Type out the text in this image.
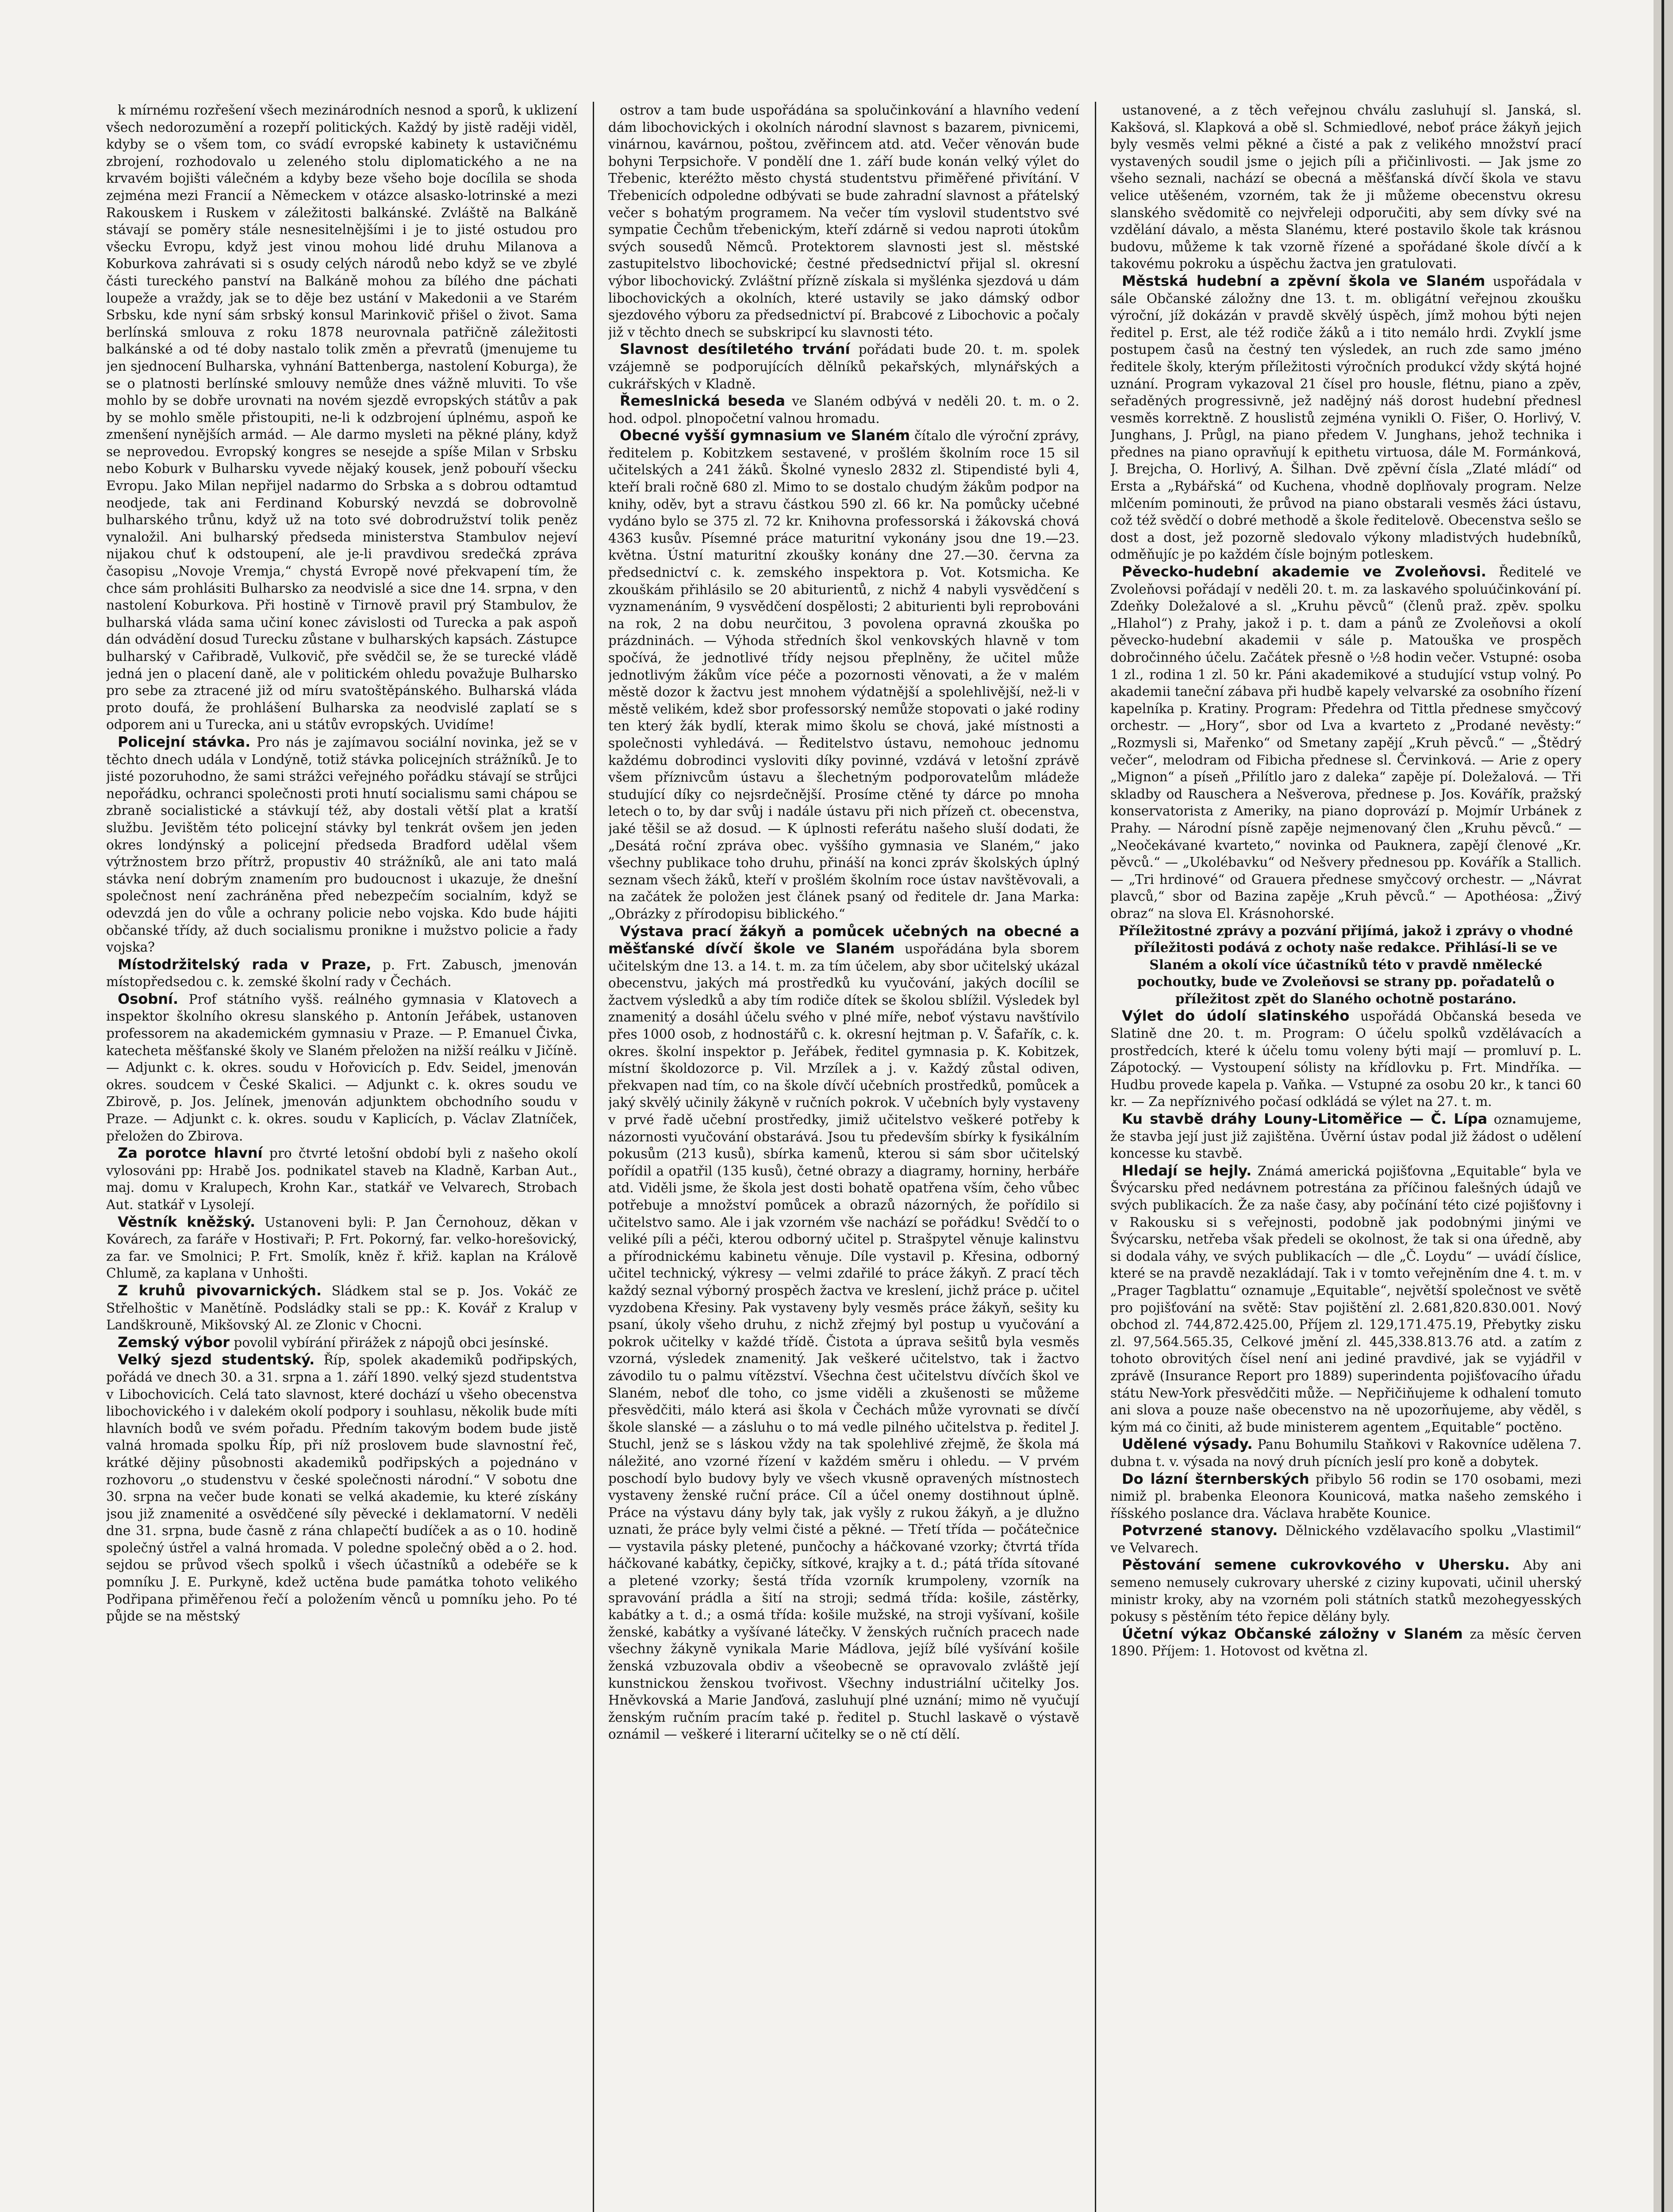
k mírnému rozřešení všech mezinárodních nesnod a sporů, k uklizení všech nedorozumění a rozepří politických. Každý by jistě raději viděl, kdyby se o všem tom, co svádí evropské kabinety k ustavičnému zbrojení, rozhodovalo u zeleného stolu diplomatického a ne na krvavém bojišti válečném a kdyby beze všeho boje docílila se shoda zejména mezi Francií a Německem v otázce alsasko-lotrinské a mezi Rakouskem i Ruskem v záležitosti balkánské. Zvláště na Balkáně stávají se poměry stále nesnesitelnějšími i je to jisté ostudou pro všecku Evropu, když jest vinou mohou lidé druhu Milanova a Koburkova zahrávati si s osudy celých národů nebo když se ve zbylé části tureckého panství na Balkáně mohou za bílého dne páchati loupeže a vraždy, jak se to děje bez ustání v Makedonii a ve Starém Srbsku, kde nyní sám srbský konsul Marinkovič přišel o život. Sama berlínská smlouva z roku 1878 neurovnala patřičně záležitosti balkánské a od té doby nastalo tolik změn a převratů (jmenujeme tu jen sjednocení Bulharska, vyhnání Battenberga, nastolení Koburga), že se o platnosti berlínské smlouvy nemůže dnes vážně mluviti. To vše mohlo by se dobře urovnati na novém sjezdě evropských státův a pak by se mohlo směle přistoupiti, ne-li k odzbrojení úplnému, aspoň ke zmenšení nynějších armád. — Ale darmo mysleti na pěkné plány, když se neprovedou. Evropský kongres se nesejde a spíše Milan v Srbsku nebo Koburk v Bulharsku vyvede nějaký kousek, jenž pobouří všecku Evropu. Jako Milan nepřijel nadarmo do Srbska a s dobrou odtamtud neodjede, tak ani Ferdinand Koburský nevzdá se dobrovolně bulharského trůnu, když už na toto své dobrodružství tolik peněz vynaložil. Ani bulharský předseda ministerstva Stambulov nejeví nijakou chuť k odstoupení, ale je-li pravdivou sredečká zpráva časopisu „Novoje Vremja,“ chystá Evropě nové překvapení tím, že chce sám prohlásiti Bulharsko za neodvislé a sice dne 14. srpna, v den nastolení Koburkova. Při hostině v Tirnově pravil prý Stambulov, že bulharská vláda sama učiní konec závislosti od Turecka a pak aspoň dán odvádění dosud Turecku zůstane v bulharských kapsách. Zástupce bulharský v Cařibradě, Vulkovič, pře svědčil se, že se turecké vládě jedná jen o placení daně, ale v politickém ohledu považuje Bulharsko pro sebe za ztracené již od míru svatoštěpánského. Bulharská vláda proto doufá, že prohlášení Bulharska za neodvislé zaplatí se s odporem ani u Turecka, ani u státův evropských. Uvidíme!

Policejní stávka. Pro nás je zajímavou sociální novinka, jež se v těchto dnech udála v Londýně, totiž stávka policejních strážníků. Je to jisté pozoruhodno, že sami strážci veřejného pořádku stávají se strůjci nepořádku, ochranci společnosti proti hnutí socialismu sami chápou se zbraně socialistické a stávkují též, aby dostali větší plat a kratší službu. Jevištěm této policejní stávky byl tenkrát ovšem jen jeden okres londýnský a policejní předseda Bradford udělal všem výtržnostem brzo přítrž, propustiv 40 strážníků, ale ani tato malá stávka není dobrým znamením pro budoucnost i ukazuje, že dnešní společnost není zachráněna před nebezpečím socialním, když se odevzdá jen do vůle a ochrany policie nebo vojska. Kdo bude hájiti občanské třídy, až duch socialismu pronikne i mužstvo policie a řady vojska?

Místodržitelský rada v Praze, p. Frt. Zabusch, jmenován místopředsedou c. k. zemské školní rady v Čechách.

Osobní. Prof státního vyšš. reálného gymnasia v Klatovech a inspektor školního okresu slanského p. Antonín Jeřábek, ustanoven professorem na akademickém gymnasiu v Praze. — P. Emanuel Čivka, katecheta měšťanské školy ve Slaném přeložen na nižší reálku v Jičíně. — Adjunkt c. k. okres. soudu v Hořovicích p. Edv. Seidel, jmenován okres. soudcem v České Skalici. — Adjunkt c. k. okres soudu ve Zbirově, p. Jos. Jelínek, jmenován adjunktem obchodního soudu v Praze. — Adjunkt c. k. okres. soudu v Kaplicích, p. Václav Zlatníček, přeložen do Zbirova.

Za porotce hlavní pro čtvrté letošní období byli z našeho okolí vylosováni pp: Hrabě Jos. podnikatel staveb na Kladně, Karban Aut., maj. domu v Kralupech, Krohn Kar., statkář ve Velvarech, Strobach Aut. statkář v Lysolejí.

Věstník kněžský. Ustanoveni byli: P. Jan Černohouz, děkan v Kovárech, za faráře v Hostivaři; P. Frt. Pokorný, far. velko-horešovický, za far. ve Smolnici; P. Frt. Smolík, kněz ř. křiž. kaplan na Králově Chlumě, za kaplana v Unhošti.

Z kruhů pivovarnických. Sládkem stal se p. Jos. Vokáč ze Střelhoštic v Manětíně. Podsládky stali se pp.: K. Kovář z Kralup v Landškrouně, Mikšovský Al. ze Zlonic v Chocni.

Zemský výbor povolil vybírání přirážek z nápojů obci jesínské.

Velký sjezd studentský. Říp, spolek akademiků podřipských, pořádá ve dnech 30. a 31. srpna a 1. září 1890. velký sjezd studentstva v Libochovicích. Celá tato slavnost, které dochází u všeho obecenstva libochovického i v dalekém okolí podpory i souhlasu, několik bude míti hlavních bodů ve svém pořadu. Předním takovým bodem bude jistě valná hromada spolku Říp, při níž proslovem bude slavnostní řeč, krátké dějiny působnosti akademiků podřipských a pojednáno v rozhovoru „o studenstvu v české společnosti národní.“ V sobotu dne 30. srpna na večer bude konati se velká akademie, ku které získány jsou již znamenité a osvědčené síly pěvecké i deklamatorní. V neděli dne 31. srpna, bude časně z rána chlapečtí budíček a as o 10. hodině společný ústřel a valná hromada. V poledne společný oběd a o 2. hod. sejdou se průvod všech spolků i všech účastníků a odebéře se k pomníku J. E. Purkyně, kdež uctěna bude památka tohoto velikého Podřipana přiměřenou řečí a položením věnců u pomníku jeho. Po té půjde se na městský

ostrov a tam bude uspořádána sa spolučinkování a hlavního vedení dám libochovických i okolních národní slavnost s bazarem, pivnicemi, vinárnou, kavárnou, poštou, zvěřincem atd. atd. Večer věnován bude bohyni Terpsichoře. V pondělí dne 1. září bude konán velký výlet do Třebenic, kteréžto město chystá studentstvu přiměřené přivítání. V Třebenicích odpoledne odbývati se bude zahradní slavnost a přátelský večer s bohatým programem. Na večer tím vyslovil studentstvo své sympatie Čechům třebenickým, kteří zdárně si vedou naproti útokům svých sousedů Němců. Protektorem slavnosti jest sl. městské zastupitelstvo libochovické; čestné předsednictví přijal sl. okresní výbor libochovický. Zvláštní přízně získala si myšlénka sjezdová u dám libochovických a okolních, které ustavily se jako dámský odbor sjezdového výboru za předsednictví pí. Brabcové z Libochovic a počaly již v těchto dnech se subskripcí ku slavnosti této.

Slavnost desítiletého trvání pořádati bude 20. t. m. spolek vzájemně se podporujících dělníků pekařských, mlynářských a cukrářských v Kladně.

Řemeslnická beseda ve Slaném odbývá v neděli 20. t. m. o 2. hod. odpol. plnopočetní valnou hromadu.

Obecné vyšší gymnasium ve Slaném čítalo dle výroční zprávy, ředitelem p. Kobitzkem sestavené, v prošlém školním roce 15 sil učitelských a 241 žáků. Školné vyneslo 2832 zl. Stipendisté byli 4, kteří brali ročně 680 zl. Mimo to se dostalo chudým žákům podpor na knihy, oděv, byt a stravu částkou 590 zl. 66 kr. Na pomůcky učebné vydáno bylo se 375 zl. 72 kr. Knihovna professorská i žákovská chová 4363 kusův. Písemné práce maturitní vykonány jsou dne 19.—23. května. Ústní maturitní zkoušky konány dne 27.—30. června za předsednictví c. k. zemského inspektora p. Vot. Kotsmicha. Ke zkouškám přihlásilo se 20 abiturientů, z nichž 4 nabyli vysvědčení s vyznamenáním, 9 vysvědčení dospělosti; 2 abiturienti byli reprobováni na rok, 2 na dobu neurčitou, 3 povolena opravná zkouška po prázdninách. — Výhoda středních škol venkovských hlavně v tom spočívá, že jednotlivé třídy nejsou přeplněny, že učitel může jednotlivým žákům více péče a pozornosti věnovati, a že v malém městě dozor k žactvu jest mnohem výdatnější a spolehlivější, než-li v městě velikém, kdež sbor professorský nemůže stopovati o jaké rodiny ten který žák bydlí, kterak mimo školu se chová, jaké místnosti a společnosti vyhledává. — Ředitelstvo ústavu, nemohouc jednomu každému dobrodinci vysloviti díky povinné, vzdává v letošní zprávě všem příznivcům ústavu a šlechetným podporovatelům mládeže studující díky co nejsrdečnější. Prosíme ctěné ty dárce po mnoha letech o to, by dar svůj i nadále ústavu při nich přízeň ct. obecenstva, jaké těšil se až dosud. — K úplnosti referátu našeho sluší dodati, že „Desátá roční zpráva obec. vyššího gymnasia ve Slaném,“ jako všechny publikace toho druhu, přináší na konci zpráv školských úplný seznam všech žáků, kteří v prošlém školním roce ústav navštěvovali, a na začátek že položen jest článek psaný od ředitele dr. Jana Marka: „Obrázky z přírodopisu biblického.“

Výstava prací žákyň a pomůcek učebných na obecné a měšťanské dívčí škole ve Slaném uspořádána byla sborem učitelským dne 13. a 14. t. m. za tím účelem, aby sbor učitelský ukázal obecenstvu, jakých má prostředků ku vyučování, jakých docílil se žactvem výsledků a aby tím rodiče dítek se školou sblížil. Výsledek byl znamenitý a dosáhl účelu svého v plné míře, neboť výstavu navštívilo přes 1000 osob, z hodnostářů c. k. okresní hejtman p. V. Šafařík, c. k. okres. školní inspektor p. Jeřábek, ředitel gymnasia p. K. Kobitzek, místní školdozorce p. Vil. Mrzílek a j. v. Každý zůstal odiven, překvapen nad tím, co na škole dívčí učebních prostředků, pomůcek a jaký skvělý učinily žákyně v ručních pokrok. V učebních byly vystaveny v prvé řadě učební prostředky, jimiž učitelstvo veškeré potřeby k názornosti vyučování obstarává. Jsou tu především sbírky k fysikálním pokusům (213 kusů), sbírka kamenů, kterou si sám sbor učitelský pořídil a opatřil (135 kusů), četné obrazy a diagramy, horniny, herbáře atd. Viděli jsme, že škola jest dosti bohatě opatřena vším, čeho vůbec potřebuje a množství pomůcek a obrazů názorných, že pořídilo si učitelstvo samo. Ale i jak vzorném vše nachází se pořádku! Svědčí to o veliké píli a péči, kterou odborný učitel p. Strašpytel věnuje kalinstvu a přírodnickému kabinetu věnuje. Díle vystavil p. Křesina, odborný učitel technický, výkresy — velmi zdařilé to práce žákyň. Z prací těch každý seznal výborný prospěch žactva ve kreslení, jichž práce p. učitel vyzdobena Křesiny. Pak vystaveny byly vesměs práce žákyň, sešity ku psaní, úkoly všeho druhu, z nichž zřejmý byl postup u vyučování a pokrok učitelky v každé třídě. Čistota a úprava sešitů byla vesměs vzorná, výsledek znamenitý. Jak veškeré učitelstvo, tak i žactvo závodilo tu o palmu vítězství. Všechna čest učitelstvu dívčích škol ve Slaném, neboť dle toho, co jsme viděli a zkušenosti se můžeme přesvědčiti, málo která asi škola v Čechách může vyrovnati se dívčí škole slanské — a zásluhu o to má vedle pilného učitelstva p. ředitel J. Stuchl, jenž se s láskou vždy na tak spolehlivé zřejmě, že škola má náležité, ano vzorné řízení v každém směru i ohledu. — V prvém poschodí bylo budovy byly ve všech vkusně opravených místnostech vystaveny ženské ruční práce. Cíl a účel onemy dostihnout úplně. Práce na výstavu dány byly tak, jak vyšly z rukou žákyň, a je dlužno uznati, že práce byly velmi čisté a pěkné. — Třetí třída — počátečnice — vystavila pásky pletené, punčochy a háčkované vzorky; čtvrtá třída háčkované kabátky, čepičky, sítkové, krajky a t. d.; pátá třída sítované a pletené vzorky; šestá třída vzorník krumpoleny, vzorník na spravování prádla a šití na stroji; sedmá třída: košile, zástěrky, kabátky a t. d.; a osmá třída: košile mužské, na stroji vyšívaní, košile ženské, kabátky a vyšívané látečky. V ženských ručních pracech nade všechny žákyně vynikala Marie Mádlova, jejíž bílé vyšívání košile ženská vzbuzovala obdiv a všeobecně se opravovalo zvláště její kunstnickou ženskou tvořivost. Všechny industriální učitelky Jos. Hněvkovská a Marie Janďová, zasluhují plné uznání; mimo ně vyučují ženským ručním pracím také p. ředitel p. Stuchl laskavě o výstavě oznámil — veškeré i literarní učitelky se o ně ctí dělí.

ustanovené, a z těch veřejnou chválu zasluhují sl. Janská, sl. Kakšová, sl. Klapková a obě sl. Schmiedlové, neboť práce žákyň jejich byly vesměs velmi pěkné a čisté a pak z velikého množství prací vystavených soudil jsme o jejich píli a přičinlivosti. — Jak jsme zo všeho seznali, nachází se obecná a měšťanská dívčí škola ve stavu velice utěšeném, vzorném, tak že ji můžeme obecenstvu okresu slanského svědomitě co nejvřeleji odporučiti, aby sem dívky své na vzdělání dávalo, a města Slanému, které postavilo škole tak krásnou budovu, můžeme k tak vzorně řízené a spořádané škole dívčí a k takovému pokroku a úspěchu žactva jen gratulovati.

Městská hudební a zpěvní škola ve Slaném uspořádala v sále Občanské záložny dne 13. t. m. obligátní veřejnou zkoušku výroční, jíž dokázán v pravdě skvělý úspěch, jímž mohou býti nejen ředitel p. Erst, ale též rodiče žáků a i tito nemálo hrdi. Zvyklí jsme postupem časů na čestný ten výsledek, an ruch zde samo jméno ředitele školy, kterým příležitosti výročních produkcí vždy skýtá hojné uznání. Program vykazoval 21 čísel pro housle, flétnu, piano a zpěv, seřaděných progressivně, jež nadějný náš dorost hudební přednesl vesměs korrektně. Z houslistů zejména vynikli O. Fišer, O. Horlivý, V. Junghans, J. Průgl, na piano předem V. Junghans, jehož technika i přednes na piano opravňují k epithetu virtuosa, dále M. Formánková, J. Brejcha, O. Horlivý, A. Šilhan. Dvě zpěvní čísla „Zlaté mládí“ od Ersta a „Rybářská“ od Kuchena, vhodně doplňovaly program. Nelze mlčením pominouti, že průvod na piano obstarali vesměs žáci ústavu, což též svědčí o dobré methodě a škole ředitelově. Obecenstva sešlo se dost a dost, jež pozorně sledovalo výkony mladistvých hudebníků, odměňujíc je po každém čísle bojným potleskem.

Pěvecko-hudební akademie ve Zvoleňovsi. Ředitelé ve Zvoleňovsi pořádají v neděli 20. t. m. za laskavého spoluúčinkování pí. Zdeňky Doležalové a sl. „Kruhu pěvců“ (členů praž. zpěv. spolku „Hlahol“) z Prahy, jakož i p. t. dam a pánů ze Zvoleňovsi a okolí pěvecko-hudební akademii v sále p. Matouška ve prospěch dobročinného účelu. Začátek přesně o ½8 hodin večer. Vstupné: osoba 1 zl., rodina 1 zl. 50 kr. Páni akademikové a studující vstup volný. Po akademii taneční zábava při hudbě kapely velvarské za osobního řízení kapelníka p. Kratiny. Program: Předehra od Tittla přednese smyčcový orchestr. — „Hory“, sbor od Lva a kvarteto z „Prodané nevěsty:“ „Rozmysli si, Mařenko“ od Smetany zapějí „Kruh pěvců.“ — „Štědrý večer“, melodram od Fibicha přednese sl. Červinková. — Arie z opery „Mignon“ a píseň „Přilítlo jaro z daleka“ zapěje pí. Doležalová. — Tři skladby od Rauschera a Nešverova, přednese p. Jos. Kovářík, pražský konservatorista z Ameriky, na piano doprovází p. Mojmír Urbánek z Prahy. — Národní písně zapěje nejmenovaný člen „Kruhu pěvců.“ — „Neočekávané kvarteto,“ novinka od Pauknera, zapějí členové „Kr. pěvců.“ — „Ukolébavku“ od Nešvery přednesou pp. Kovářík a Stallich. — „Tri hrdinové“ od Grauera přednese smyčcový orchestr. — „Návrat plavců,“ sbor od Bazina zapěje „Kruh pěvců.“ — Apothéosa: „Živý obraz“ na slova El. Krásnohorské.

Příležitostné zprávy a pozvání přijímá, jakož i zprávy o vhodné příležitosti podává z ochoty naše redakce. Přihlásí-li se ve Slaném a okolí více účastníků této v pravdě nmělecké pochoutky, bude ve Zvoleňovsi se strany pp. pořadatelů o příležitost zpět do Slaného ochotně postaráno.

Výlet do údolí slatinského uspořádá Občanská beseda ve Slatině dne 20. t. m. Program: O účelu spolků vzdělávacích a prostředcích, které k účelu tomu voleny býti mají — promluví p. L. Zápotocký. — Vystoupení sólisty na křídlovku p. Frt. Mindříka. — Hudbu provede kapela p. Vaňka. — Vstupné za osobu 20 kr., k tanci 60 kr. — Za nepříznivého počasí odkládá se výlet na 27. t. m.

Ku stavbě dráhy Louny-Litoměřice — Č. Lípa oznamujeme, že stavba její just již zajištěna. Úvěrní ústav podal již žádost o udělení koncesse ku stavbě.

Hledají se hejly. Známá americká pojišťovna „Equitable“ byla ve Švýcarsku před nedávnem potrestána za příčinou falešných údajů ve svých publikacích. Že za naše časy, aby počínání této cizé pojišťovny i v Rakousku si s veřejnosti, podobně jak podobnými jinými ve Švýcarsku, netřeba však předeli se okolnost, že tak si ona úředně, aby si dodala váhy, ve svých publikacích — dle „Č. Loydu“ — uvádí číslice, které se na pravdě nezakládají. Tak i v tomto veřejněním dne 4. t. m. v „Prager Tagblattu“ oznamuje „Equitable“, největší společnost ve světě pro pojišťování na světě: Stav pojištění zl. 2.681,820.830.001. Nový obchod zl. 744,872.425.00, Příjem zl. 129,171.475.19, Přebytky zisku zl. 97,564.565.35, Celkové jmění zl. 445,338.813.76 atd. a zatím z tohoto obrovitých čísel není ani jediné pravdivé, jak se vyjádřil v zprávě (Insurance Report pro 1889) superindenta pojišťovacího úřadu státu New-York přesvědčiti může. — Nepřičiňujeme k odhalení tomuto ani slova a pouze naše obecenstvo na ně upozorňujeme, aby věděl, s kým má co činiti, až bude ministerem agentem „Equitable“ poctěno.

Udělené výsady. Panu Bohumilu Staňkovi v Rakovníce udělena 7. dubna t. v. výsada na nový druh pícních jeslí pro koně a dobytek.

Do lázní šternberských přibylo 56 rodin se 170 osobami, mezi nimiž pl. brabenka Eleonora Kounicová, matka našeho zemského i říšského poslance dra. Václava hraběte Kounice.

Potvrzené stanovy. Dělnického vzdělavacího spolku „Vlastimil“ ve Velvarech.

Pěstování semene cukrovkového v Uhersku. Aby ani semeno nemusely cukrovary uherské z ciziny kupovati, učinil uherský ministr kroky, aby na vzorném poli státních statků mezohegyesských pokusy s pěstěním této řepice dělány byly.

Účetní výkaz Občanské záložny v Slaném za měsíc červen 1890. Příjem: 1. Hotovost od května zl.
